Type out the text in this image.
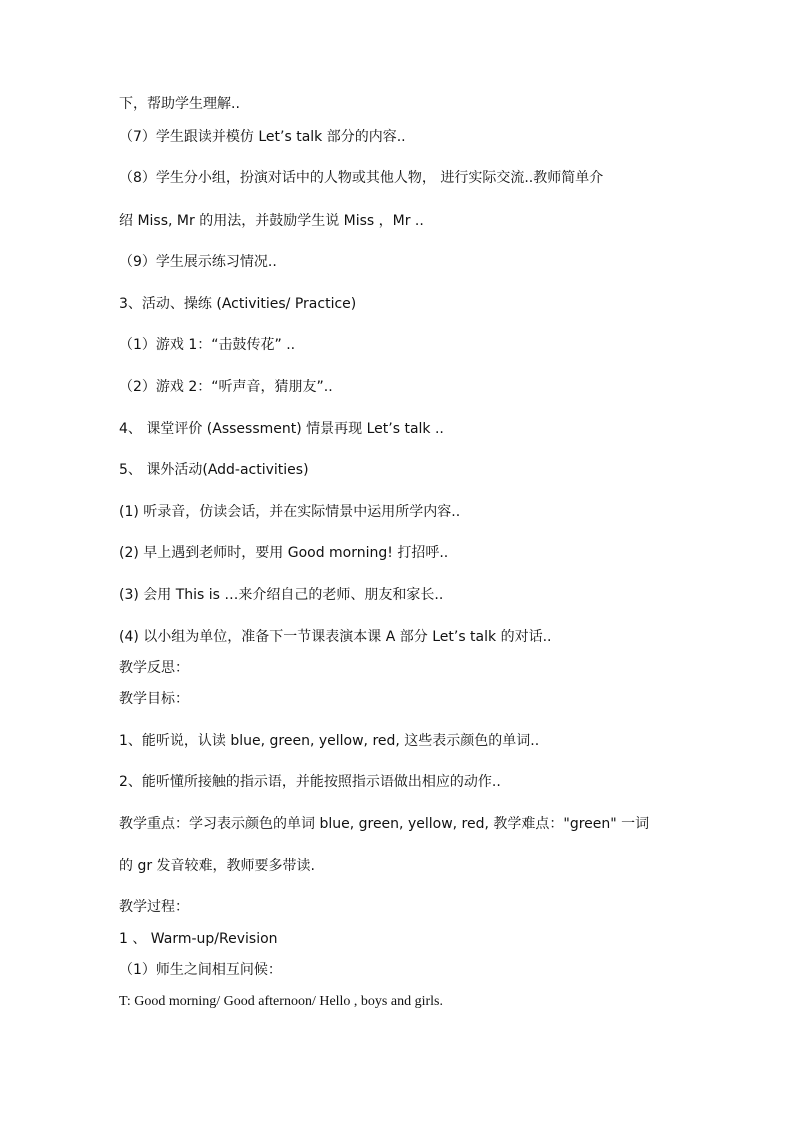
下，帮助学生理解..
（7）学生跟读并模仿 Let’s talk 部分的内容..
（8）学生分小组，扮演对话中的人物或其他人物， 进行实际交流..教师简单介
绍 Miss, Mr 的用法，并鼓励学生说 Miss ，Mr ..
（9）学生展示练习情况..
3、活动、操练 (Activities/ Practice)
（1）游戏 1：“击鼓传花” ..
（2）游戏 2：“听声音，猜朋友”..
4、 课堂评价 (Assessment) 情景再现 Let’s talk ..
5、 课外活动(Add-activities)
(1) 听录音，仿读会话，并在实际情景中运用所学内容..
(2) 早上遇到老师时，要用 Good morning! 打招呼..
(3) 会用 This is …来介绍自己的老师、朋友和家长..
(4) 以小组为单位，准备下一节课表演本课 A 部分 Let’s talk 的对话..
教学反思：
教学目标：
1、能听说，认读 blue, green, yellow, red, 这些表示颜色的单词..
2、能听懂所接触的指示语，并能按照指示语做出相应的动作..
教学重点：学习表示颜色的单词 blue, green, yellow, red, 教学难点："green" 一词
的 gr 发音较难，教师要多带读.
教学过程：
1 、 Warm-up/Revision
（1）师生之间相互问候：
T: Good morning/ Good afternoon/ Hello , boys and girls.
